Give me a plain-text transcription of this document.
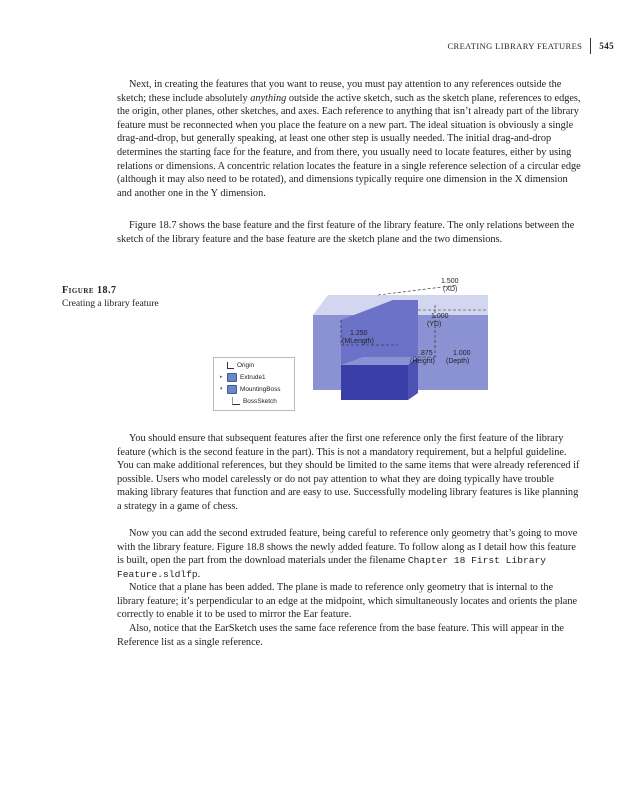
CREATING LIBRARY FEATURES 545

Next, in creating the features that you want to reuse, you must pay attention to any references outside the sketch; these include absolutely anything outside the active sketch, such as the sketch plane, references to edges, the origin, other planes, other sketches, and axes. Each reference to anything that isn’t already part of the library feature must be reconnected when you place the feature on a new part. The ideal situation is obviously a single drag-and-drop, but generally speaking, at least one other step is usually needed. The initial drag-and-drop determines the starting face for the feature, and from there, you usually need to locate features, either by using relations or dimensions. A concentric relation locates the feature in a single reference selection of a circular edge (although it may also need to be rotated), and dimensions typically require one dimension in the X dimension and another one in the Y dimension.

Figure 18.7 shows the base feature and the first feature of the library feature. The only relations between the sketch of the library feature and the base feature are the sketch plane and the two dimensions.

Figure 18.7
Creating a library feature
1.500
(XD)
1.250
(MLength)
1.000
(YD)
.875
(Height)
1.000
(Depth)
Origin
▸	Extrude1
▾	MountingBoss
BossSketch

You should ensure that subsequent features after the first one reference only the first feature of the library feature (which is the second feature in the part). This is not a mandatory requirement, but a helpful guideline. You can make additional references, but they should be limited to the same items that were already referenced if possible. Users who model carelessly or do not pay attention to what they are doing typically have trouble making library features that function and are easy to use. Successfully modeling library features is like planning a strategy in a game of chess.

Now you can add the second extruded feature, being careful to reference only geometry that’s going to move with the library feature. Figure 18.8 shows the newly added feature. To follow along as I detail how this feature is built, open the part from the download materials under the filename Chapter 18 First Library Feature.sldlfp.

Notice that a plane has been added. The plane is made to reference only geometry that is internal to the library feature; it’s perpendicular to an edge at the midpoint, which simultaneously locates and orients the plane correctly to enable it to be used to mirror the Ear feature.

Also, notice that the EarSketch uses the same face reference from the base feature. This will appear in the Reference list as a single reference.
